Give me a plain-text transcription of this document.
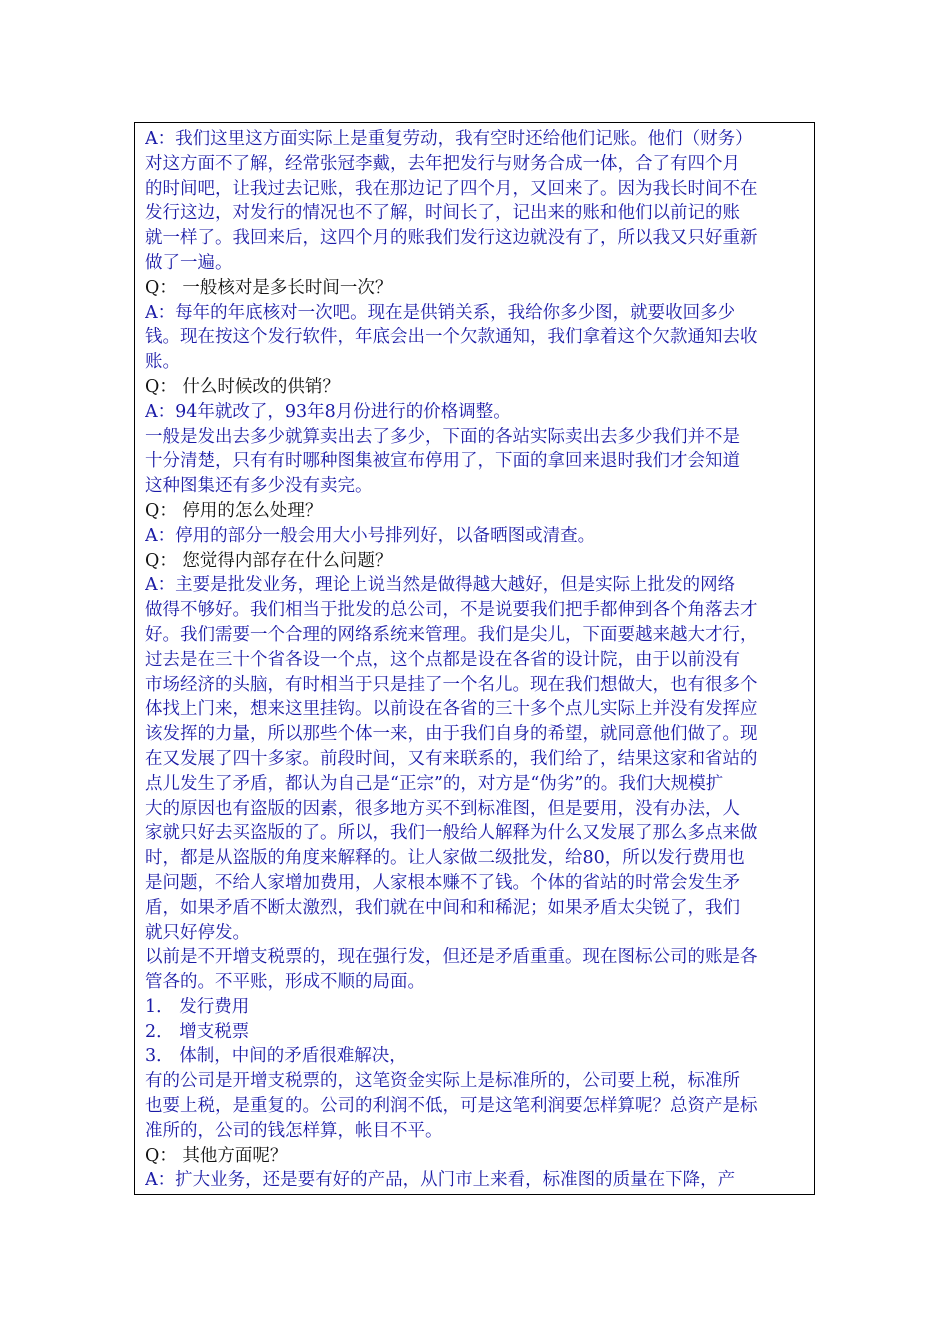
A：我们这里这方面实际上是重复劳动，我有空时还给他们记账。他们（财务）
对这方面不了解，经常张冠李戴，去年把发行与财务合成一体，合了有四个月
的时间吧，让我过去记账，我在那边记了四个月，又回来了。因为我长时间不在
发行这边，对发行的情况也不了解，时间长了，记出来的账和他们以前记的账
就一样了。我回来后，这四个月的账我们发行这边就没有了，所以我又只好重新
做了一遍。
Q： 一般核对是多长时间一次？
A：每年的年底核对一次吧。现在是供销关系，我给你多少图，就要收回多少
钱。现在按这个发行软件，年底会出一个欠款通知，我们拿着这个欠款通知去收
账。
Q： 什么时候改的供销？
A：94年就改了，93年8月份进行的价格调整。
一般是发出去多少就算卖出去了多少，下面的各站实际卖出去多少我们并不是
十分清楚，只有有时哪种图集被宣布停用了，下面的拿回来退时我们才会知道
这种图集还有多少没有卖完。
Q： 停用的怎么处理？
A：停用的部分一般会用大小号排列好，以备晒图或清查。
Q： 您觉得内部存在什么问题？
A：主要是批发业务，理论上说当然是做得越大越好，但是实际上批发的网络
做得不够好。我们相当于批发的总公司，不是说要我们把手都伸到各个角落去才
好。我们需要一个合理的网络系统来管理。我们是尖儿，下面要越来越大才行，
过去是在三十个省各设一个点，这个点都是设在各省的设计院，由于以前没有
市场经济的头脑，有时相当于只是挂了一个名儿。现在我们想做大，也有很多个
体找上门来，想来这里挂钩。以前设在各省的三十多个点儿实际上并没有发挥应
该发挥的力量，所以那些个体一来，由于我们自身的希望，就同意他们做了。现
在又发展了四十多家。前段时间，又有来联系的，我们给了，结果这家和省站的
点儿发生了矛盾，都认为自己是“正宗”的，对方是“伪劣”的。我们大规模扩
大的原因也有盗版的因素，很多地方买不到标准图，但是要用，没有办法，人
家就只好去买盗版的了。所以，我们一般给人解释为什么又发展了那么多点来做
时，都是从盗版的角度来解释的。让人家做二级批发，给80，所以发行费用也
是问题，不给人家增加费用，人家根本赚不了钱。个体的省站的时常会发生矛
盾，如果矛盾不断太激烈，我们就在中间和和稀泥；如果矛盾太尖锐了，我们
就只好停发。
以前是不开增支税票的，现在强行发，但还是矛盾重重。现在图标公司的账是各
管各的。不平账，形成不顺的局面。
1． 发行费用
2． 增支税票
3． 体制，中间的矛盾很难解决，
有的公司是开增支税票的，这笔资金实际上是标准所的，公司要上税，标准所
也要上税，是重复的。公司的利润不低，可是这笔利润要怎样算呢？总资产是标
准所的，公司的钱怎样算，帐目不平。
Q： 其他方面呢？
A：扩大业务，还是要有好的产品，从门市上来看，标准图的质量在下降，产
